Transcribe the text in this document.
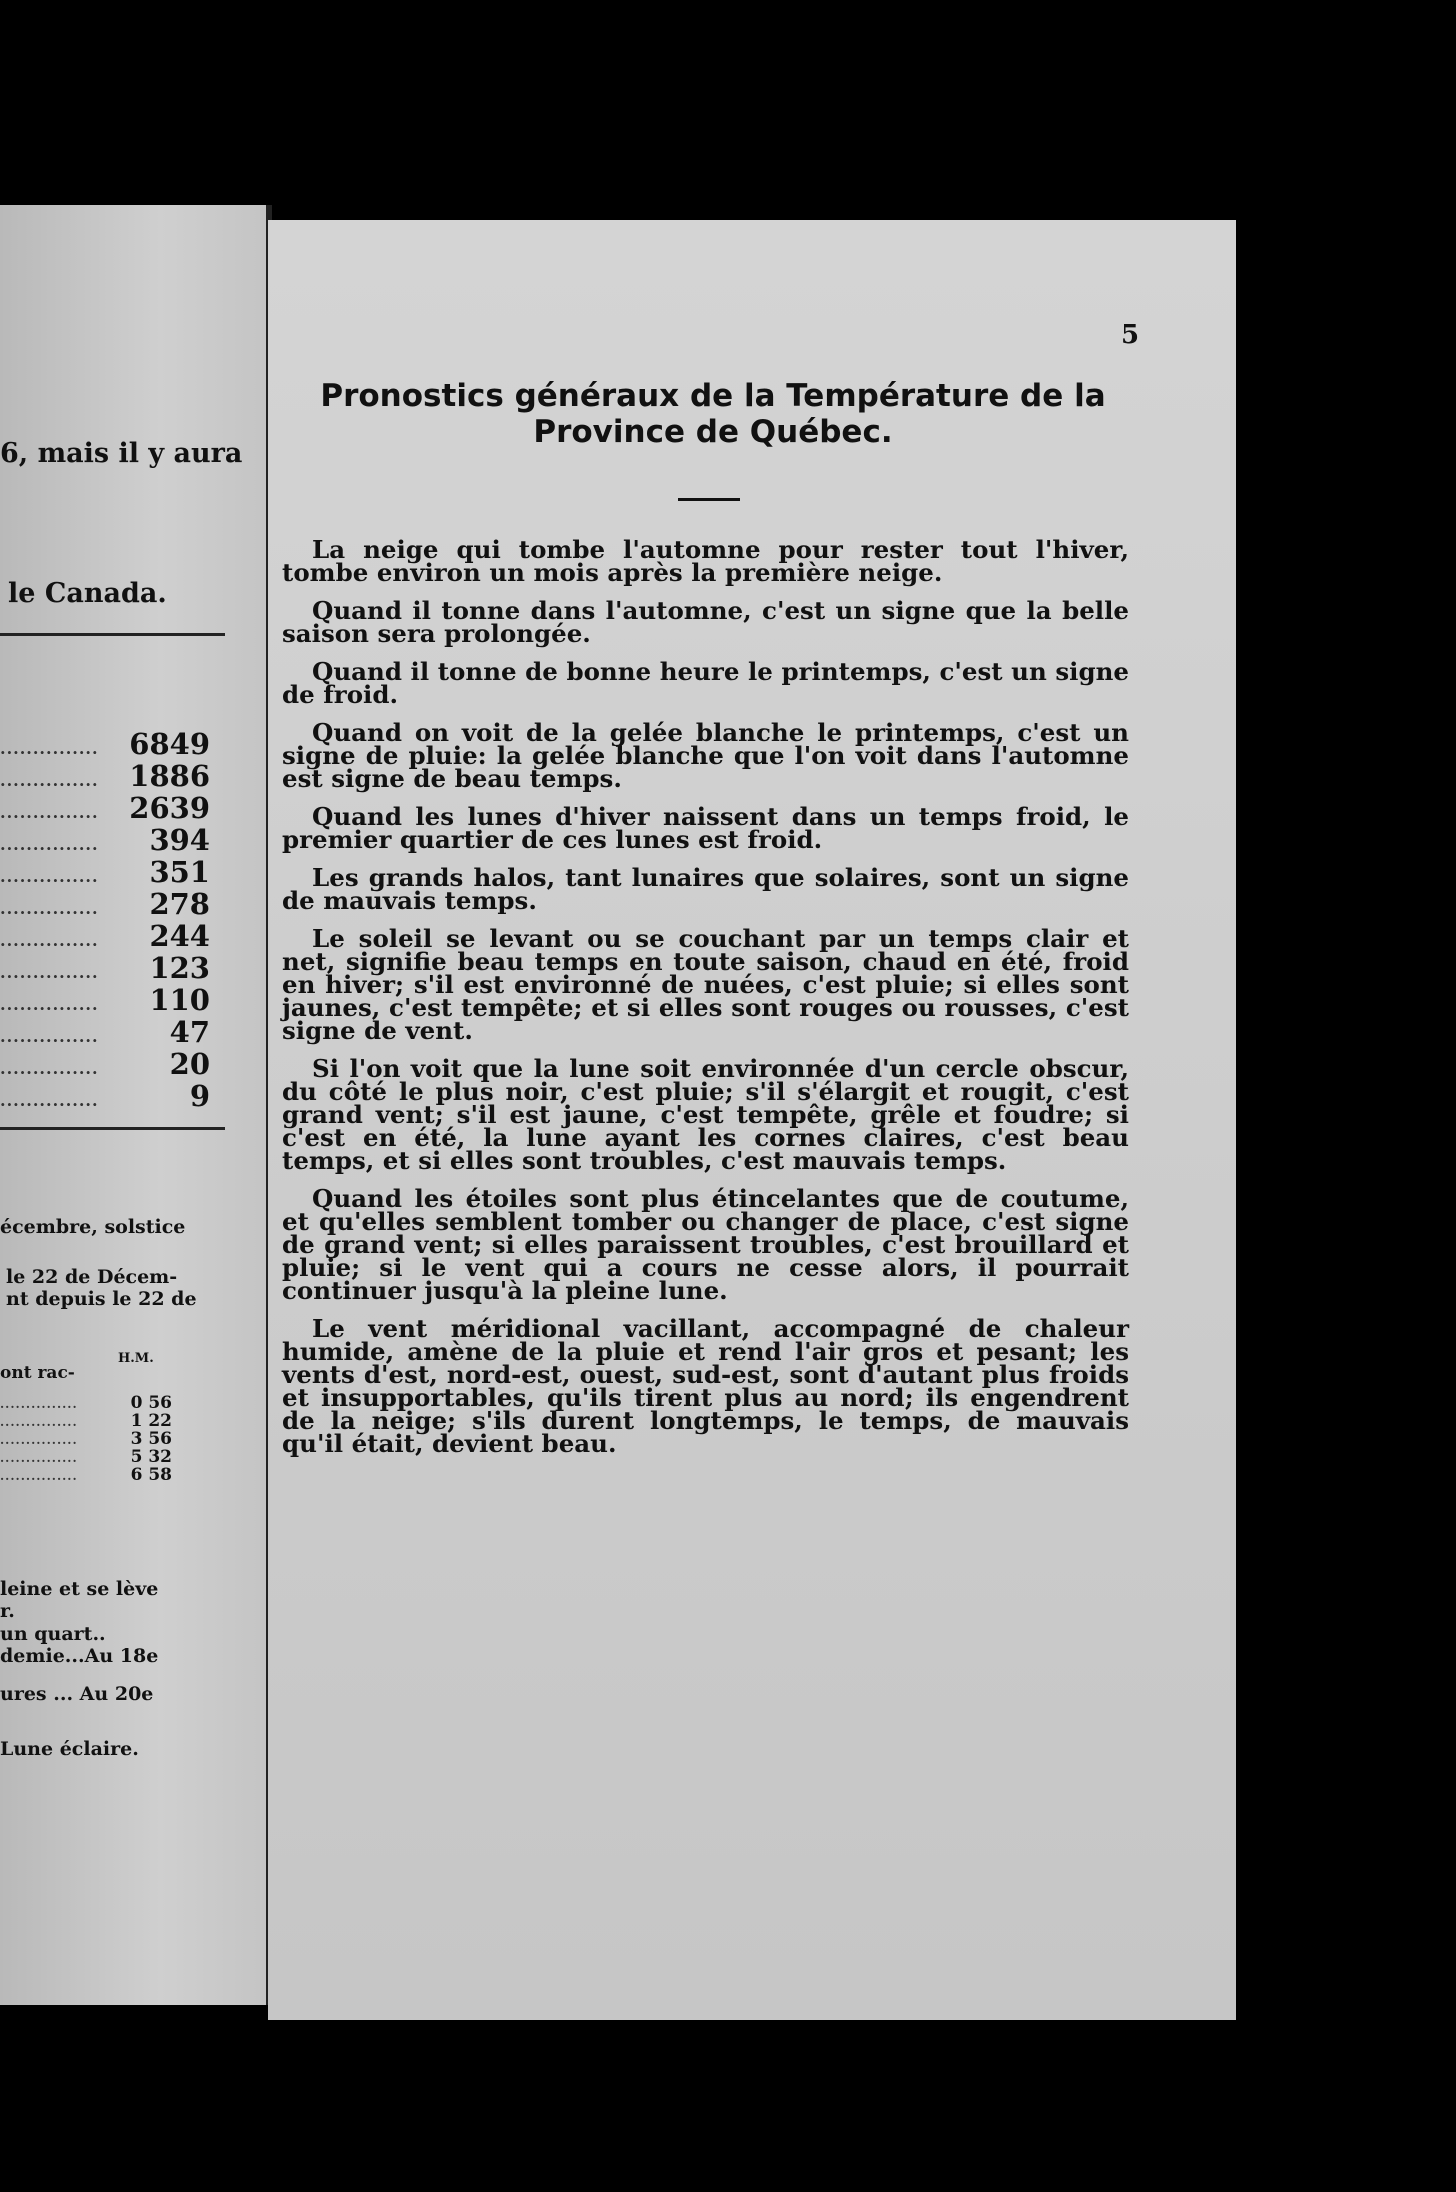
6, mais il y aura
le Canada.
............... 6849
............... 1886
............... 2639
............... 394
............... 351
............... 278
............... 244
............... 123
............... 110
............... 47
............... 20
...............	9
écembre, solstice
le 22 de Décem-
nt depuis le 22 de
ont rac-
H.M.
...............	0 56
...............	1 22
...............	3 56
...............	5 32
...............	6 58
leine et se lève
r.
un quart..
demie...Au 18e
ures ... Au 20e
Lune éclaire.
5
Pronostics généraux de la Température de la
Province de Québec.

La neige qui tombe l'automne pour rester tout l'hiver, tombe environ un mois après la première neige.

Quand il tonne dans l'automne, c'est un signe que la belle saison sera prolongée.

Quand il tonne de bonne heure le printemps, c'est un signe de froid.

Quand on voit de la gelée blanche le printemps, c'est un signe de pluie: la gelée blanche que l'on voit dans l'automne est signe de beau temps.

Quand les lunes d'hiver naissent dans un temps froid, le premier quartier de ces lunes est froid.

Les grands halos, tant lunaires que solaires, sont un signe de mauvais temps.

Le soleil se levant ou se couchant par un temps clair et net, signifie beau temps en toute saison, chaud en été, froid en hiver; s'il est environné de nuées, c'est pluie; si elles sont jaunes, c'est tempête; et si elles sont rouges ou rousses, c'est signe de vent.

Si l'on voit que la lune soit environnée d'un cercle obscur, du côté le plus noir, c'est pluie; s'il s'élargit et rougit, c'est grand vent; s'il est jaune, c'est tempête, grêle et foudre; si c'est en été, la lune ayant les cornes claires, c'est beau temps, et si elles sont troubles, c'est mauvais temps.

Quand les étoiles sont plus étincelantes que de coutume, et qu'elles semblent tomber ou changer de place, c'est signe de grand vent; si elles paraissent troubles, c'est brouillard et pluie; si le vent qui a cours ne cesse alors, il pourrait continuer jusqu'à la pleine lune.

Le vent méridional vacillant, accompagné de chaleur humide, amène de la pluie et rend l'air gros et pesant; les vents d'est, nord-est, ouest, sud-est, sont d'autant plus froids et insupportables, qu'ils tirent plus au nord; ils engendrent de la neige; s'ils durent longtemps, le temps, de mauvais qu'il était, devient beau.
